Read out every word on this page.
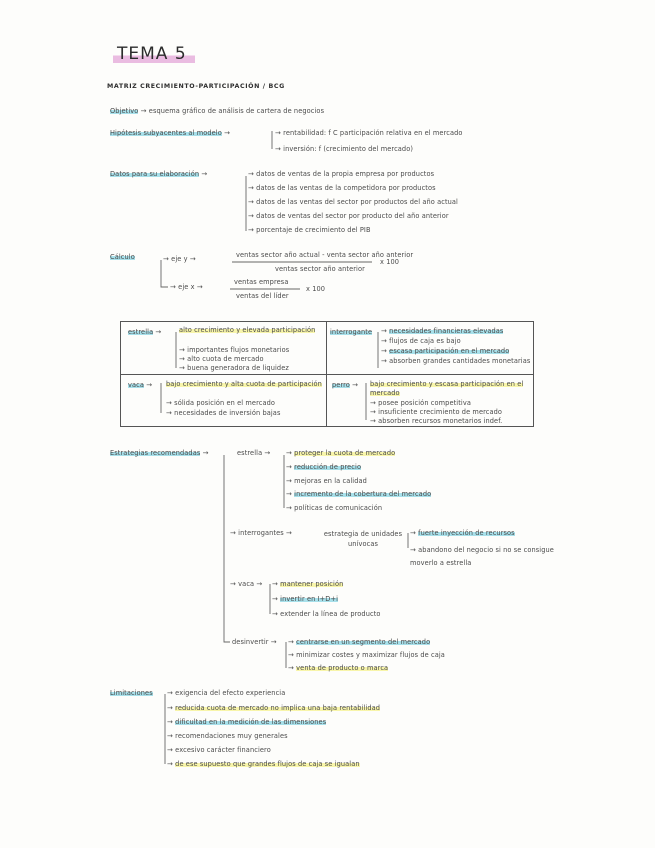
TEMA 5
MATRIZ CRECIMIENTO-PARTICIPACIÓN / BCG
Objetivo → esquema gráfico de análisis de cartera de negocios
Hipótesis subyacentes al modelo →	→ rentabilidad: f C participación relativa en el mercado
→ inversión: f (crecimiento del mercado)
Datos para su elaboración →	→ datos de ventas de la propia empresa por productos
→ datos de las ventas de la competidora por productos
→ datos de las ventas del sector por productos del año actual
→ datos de ventas del sector por producto del año anterior
→ porcentaje de crecimiento del PIB
Cálculo	→ eje y →	ventas sector año actual - venta sector año anterior
ventas sector año anterior
x 100
→ eje x →
ventas empresa
ventas del líder
x 100
estrella →	alto crecimiento y elevada participación
→ importantes flujos monetarios
→ alto cuota de mercado
→ buena generadora de liquidez
interrogante → necesidades financieras elevadas
→ flujos de caja es bajo
→ escasa participación en el mercado
→ absorben grandes cantidades monetarias
vaca → bajo crecimiento y alta cuota de participación
→ sólida posición en el mercado
→ necesidades de inversión bajas
perro → bajo crecimiento y escasa participación en el mercado
→ posee posición competitiva
→ insuficiente crecimiento de mercado
→ absorben recursos monetarios indef.
Estrategias recomendadas →	estrella → → proteger la cuota de mercado
→ reducción de precio
→ mejoras en la calidad
→ incremento de la cobertura del mercado
→ políticas de comunicación
→ interrogantes →	estrategia de unidades unívocas
→ fuerte inyección de recursos
→ abandono del negocio si no se consigue moverlo a estrella
→ vaca → → mantener posición
→ invertir en I+D+i
→ extender la línea de producto
desinvertir → → centrarse en un segmento del mercado
→ minimizar costes y maximizar flujos de caja
→ venta de producto o marca
Limitaciones → exigencia del efecto experiencia
→ reducida cuota de mercado no implica una baja rentabilidad
→ dificultad en la medición de las dimensiones
→ recomendaciones muy generales
→ excesivo carácter financiero
→ de ese supuesto que grandes flujos de caja se igualan
